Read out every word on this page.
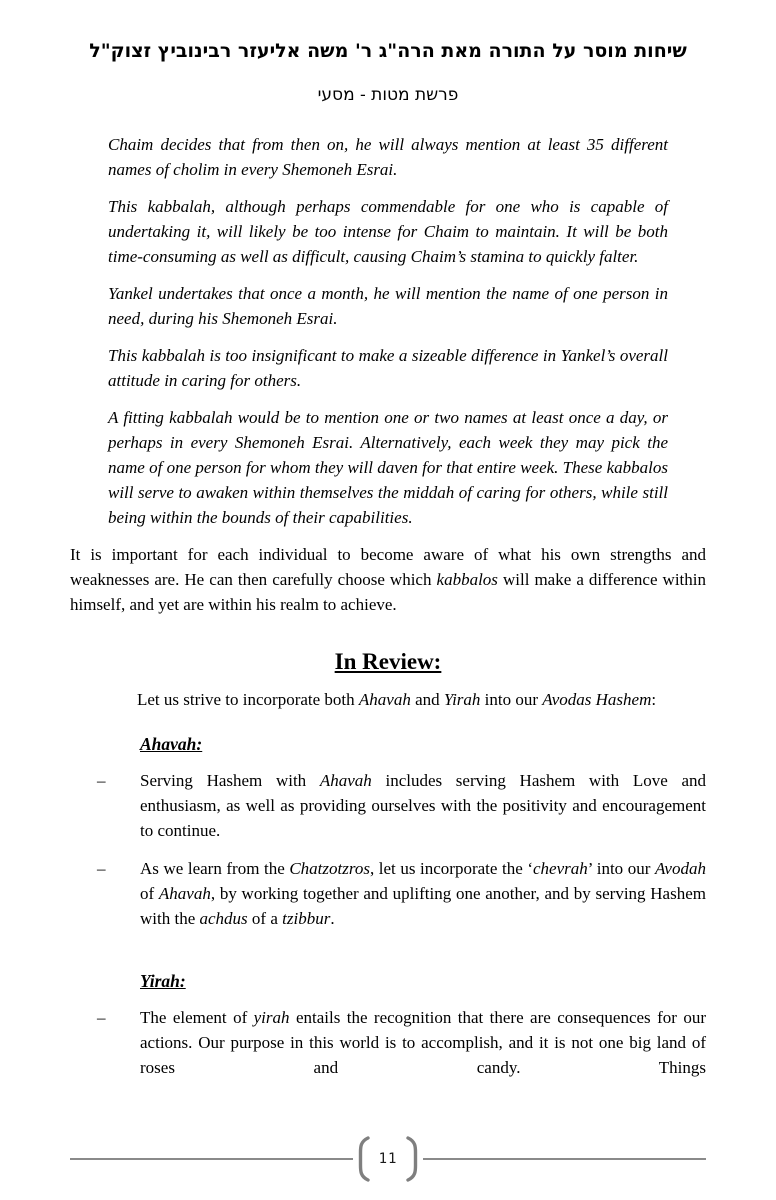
שיחות מוסר על התורה מאת הרה"ג ר' משה אליעזר רבינוביץ זצוק"ל
פרשת מטות - מסעי

Chaim decides that from then on, he will always mention at least 35 different names of cholim in every Shemoneh Esrai.

This kabbalah, although perhaps commendable for one who is capable of undertaking it, will likely be too intense for Chaim to maintain. It will be both time-consuming as well as difficult, causing Chaim’s stamina to quickly falter.

Yankel undertakes that once a month, he will mention the name of one person in need, during his Shemoneh Esrai.

This kabbalah is too insignificant to make a sizeable difference in Yankel’s overall attitude in caring for others.

A fitting kabbalah would be to mention one or two names at least once a day, or perhaps in every Shemoneh Esrai. Alternatively, each week they may pick the name of one person for whom they will daven for that entire week. These kabbalos will serve to awaken within themselves the middah of caring for others, while still being within the bounds of their capabilities.

It is important for each individual to become aware of what his own strengths and weaknesses are. He can then carefully choose which kabbalos will make a difference within himself, and yet are within his realm to achieve.

In Review:

Let us strive to incorporate both Ahavah and Yirah into our Avodas Hashem:

Ahavah:
–	Serving Hashem with Ahavah includes serving Hashem with Love and enthusiasm, as well as providing ourselves with the positivity and encouragement to continue.

–	As we learn from the Chatzotzros, let us incorporate the ‘chevrah’ into our Avodah of Ahavah, by working together and uplifting one another, and by serving Hashem with the achdus of a tzibbur.

Yirah:
–	The element of yirah entails the recognition that there are consequences for our actions. Our purpose in this world is to accomplish, and it is not one big land of roses and candy. Things

11
